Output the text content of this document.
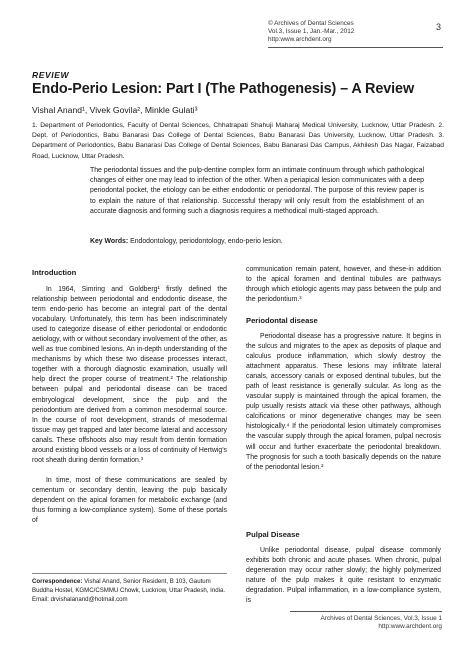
© Archives of Dental Sciences
Vol.3, Issue 1, Jan.-Mar., 2012
http:www.archdent.org
3
REVIEW
Endo-Perio Lesion: Part I (The Pathogenesis) – A Review
Vishal Anand¹, Vivek Govila², Minkle Gulati³
1. Department of Periodontics, Faculty of Dental Sciences, Chhatrapati Shahuji Maharaj Medical University, Lucknow, Uttar Pradesh. 2. Dept. of Periodontics, Babu Banarasi Das College of Dental Sciences, Babu Banarasi Das University, Lucknow, Uttar Pradesh. 3. Department of Periodontics, Babu Banarasi Das College of Dental Sciences, Babu Banarasi Das Campus, Akhilesh Das Nagar, Faizabad Road, Lucknow, Uttar Pradesh.
The periodontal tissues and the pulp-dentine complex form an intimate continuum through which pathological changes of either one may lead to infection of the other. When a periapical lesion communicates with a deep periodontal pocket, the etiology can be either endodontic or periodontal. The purpose of this review paper is to explain the nature of that relationship. Successful therapy will only result from the establishment of an accurate diagnosis and forming such a diagnosis requires a methodical multi-staged approach.
Key Words: Endodontology, periodontology, endo-perio lesion.
Introduction

In 1964, Simring and Goldberg¹ firstly defined the relationship between periodontal and endodontic disease, the term endo-perio has become an integral part of the dental vocabulary. Unfortunately, this term has been indiscriminately used to categorize disease of either periodontal or endodontic aetiology, with or without secondary involvement of the other, as well as true combined lesions. An in-depth understanding of the mechanisms by which these two disease processes interact, together with a thorough diagnostic examination, usually will help direct the proper course of treatment.² The relationship between pulpal and periodontal disease can be traced embryological development, since the pulp and the periodontium are derived from a common mesodermal source. In the course of root development, strands of mesodermal tissue may get trapped and later become lateral and accessory canals. These offshoots also may result from dentin formation around existing blood vessels or a loss of continuity of Hertwig's root sheath during dentin formation.³

In time, most of these communications are sealed by cementum or secondary dentin, leaving the pulp basically dependent on the apical foramen for metabolic exchange (and thus forming a low-compliance system). Some of these portals of

Correspondence: Vishal Anand, Senior Resident, B 103, Gautum Buddha Hostel, KGMC/CSMMU Chowk, Lucknow, Uttar Pradesh, India. Email: drvishalanand@hotmail.com

communication remain patent, however, and these-in addition to the apical foramen and dentinal tubules are pathways through which etiologic agents may pass between the pulp and the periodontium.³

Periodontal disease

Periodontal disease has a progressive nature. It begins in the sulcus and migrates to the apex as deposits of plaque and calculus produce inflammation, which slowly destroy the attachment apparatus. These lesions may infiltrate lateral canals, accessory canals or exposed dentinal tubules, but the path of least resistance is generally sulcular. As long as the vascular supply is maintained through the apical foramen, the pulp usually resists attack via these other pathways, although calcifications or minor degenerative changes may be seen histologically.⁴ If the periodontal lesion ultimately compromises the vascular supply through the apical foramen, pulpal necrosis will occur and further exacerbate the periodontal breakdown. The prognosis for such a tooth basically depends on the nature of the periodontal lesion.²

Pulpal Disease

Unlike periodontal disease, pulpal disease commonly exhibits both chronic and acute phases. When chronic, pulpal degeneration may occur rather slowly; the highly polymerized nature of the pulp makes it quite resistant to enzymatic degradation. Pulpal inflammation, in a low-compliance system, is

Archives of Dental Sciences, Vol.3, Issue 1
http:www.archdent.org
